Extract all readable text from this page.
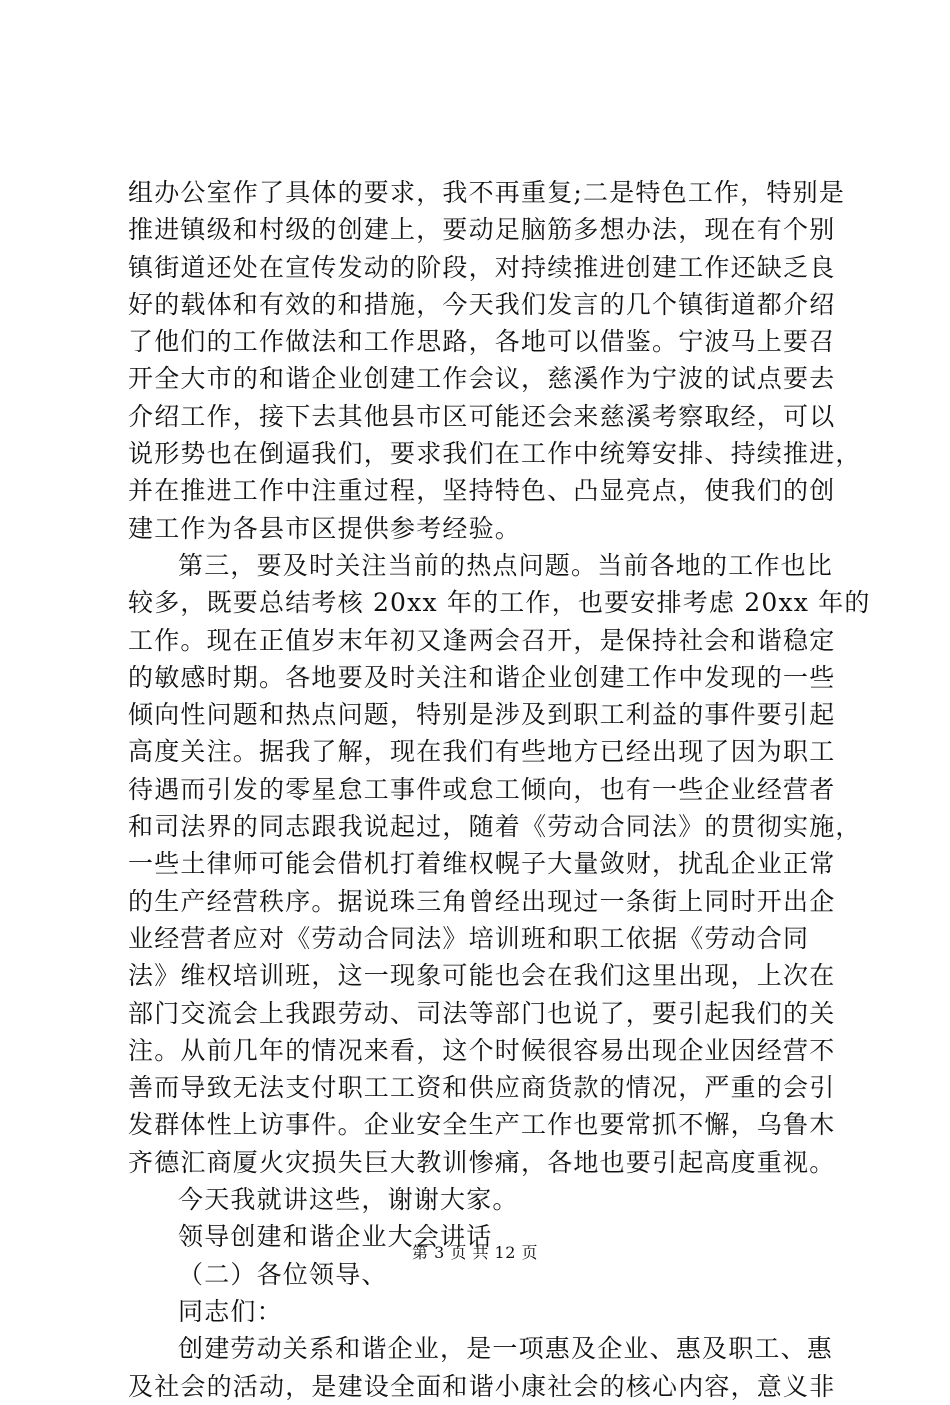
组办公室作了具体的要求，我不再重复;二是特色工作，特别是
推进镇级和村级的创建上，要动足脑筋多想办法，现在有个别
镇街道还处在宣传发动的阶段，对持续推进创建工作还缺乏良
好的载体和有效的和措施，今天我们发言的几个镇街道都介绍
了他们的工作做法和工作思路，各地可以借鉴。宁波马上要召
开全大市的和谐企业创建工作会议，慈溪作为宁波的试点要去
介绍工作，接下去其他县市区可能还会来慈溪考察取经，可以
说形势也在倒逼我们，要求我们在工作中统筹安排、持续推进，
并在推进工作中注重过程，坚持特色、凸显亮点，使我们的创
建工作为各县市区提供参考经验。
第三，要及时关注当前的热点问题。当前各地的工作也比
较多，既要总结考核 20xx 年的工作，也要安排考虑 20xx 年的
工作。现在正值岁末年初又逢两会召开，是保持社会和谐稳定
的敏感时期。各地要及时关注和谐企业创建工作中发现的一些
倾向性问题和热点问题，特别是涉及到职工利益的事件要引起
高度关注。据我了解，现在我们有些地方已经出现了因为职工
待遇而引发的零星怠工事件或怠工倾向，也有一些企业经营者
和司法界的同志跟我说起过，随着《劳动合同法》的贯彻实施，
一些土律师可能会借机打着维权幌子大量敛财，扰乱企业正常
的生产经营秩序。据说珠三角曾经出现过一条街上同时开出企
业经营者应对《劳动合同法》培训班和职工依据《劳动合同
法》维权培训班，这一现象可能也会在我们这里出现，上次在
部门交流会上我跟劳动、司法等部门也说了，要引起我们的关
注。从前几年的情况来看，这个时候很容易出现企业因经营不
善而导致无法支付职工工资和供应商货款的情况，严重的会引
发群体性上访事件。企业安全生产工作也要常抓不懈，乌鲁木
齐德汇商厦火灾损失巨大教训惨痛，各地也要引起高度重视。
今天我就讲这些，谢谢大家。
领导创建和谐企业大会讲话
（二）各位领导、
同志们：
创建劳动关系和谐企业，是一项惠及企业、惠及职工、惠
及社会的活动，是建设全面和谐小康社会的核心内容，意义非
第 3 页 共 12 页
